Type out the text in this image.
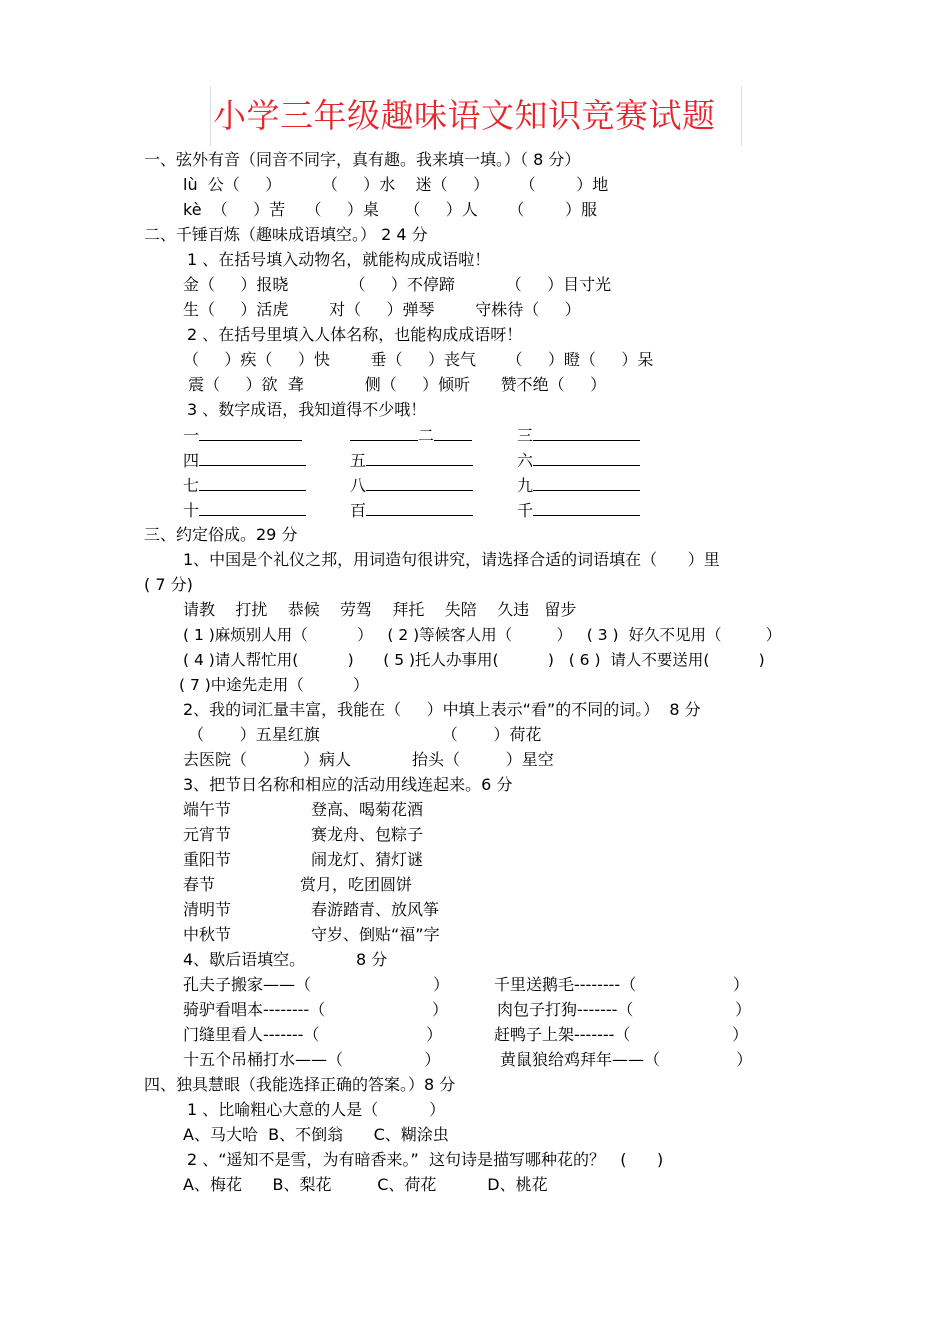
小学三年级趣味语文知识竞赛试题
一、弦外有音（同音不同字，真有趣。我来填一填。）（ 8 分）
lù  公（     ）        （     ）水    迷（     ）      （        ）地
kè  （     ）苦    （     ）桌     （     ）人      （        ）服
二、千锤百炼（趣味成语填空。） 2 4 分
1 、在括号填入动物名，就能构成成语啦！
金（     ）报晓            （     ）不停蹄          （     ）目寸光
生（     ）活虎        对（     ）弹琴        守株待（     ）
2 、在括号里填入人体名称，也能构成成语呀！
（     ）疾（     ）快        垂（     ）丧气      （     ）瞪（     ）呆
震（     ）欲  聋            侧（     ）倾听      赞不绝（     ）
3 、数字成语，我知道得不少哦！
一	二	三
四	五	六
七	八	九
十	百	千
三、约定俗成。29 分
1、中国是个礼仪之邦，用词造句很讲究，请选择合适的词语填在（      ）里
( 7 分)
请教    打扰    恭候    劳驾    拜托    失陪    久违   留步
( 1 )麻烦别人用（          ）   ( 2 )等候客人用（         ）   ( 3 )  好久不见用（         ）
( 4 )请人帮忙用(          )      ( 5 )托人办事用(          )   ( 6 )  请人不要送用(          )
( 7 )中途先走用（          ）
2、我的词汇量丰富，我能在（     ）中填上表示“看”的不同的词。）  8 分
（       ）五星红旗                        （       ）荷花
去医院（           ）病人            抬头（         ）星空
3、把节日名称和相应的活动用线连起来。6 分
端午节	登高、喝菊花酒
元宵节	赛龙舟、包粽子
重阳节	闹龙灯、猜灯谜
春节	赏月，吃团圆饼
清明节	春游踏青、放风筝
中秋节	守岁、倒贴“福”字
4、歇后语填空。          8 分
孔夫子搬家——（                        ）	千里送鹅毛--------（                   ）
骑驴看唱本--------（                     ）	肉包子打狗-------（                    ）
门缝里看人-------（                     ）	赶鸭子上架-------（                    ）
十五个吊桶打水——（                ）	黄鼠狼给鸡拜年——（               ）
四、独具慧眼（我能选择正确的答案。）8 分
1 、比喻粗心大意的人是（          ）
A、马大哈  B、不倒翁      C、糊涂虫
2 、“遥知不是雪，为有暗香来。”  这句诗是描写哪种花的？   (      )
A、梅花      B、梨花         C、荷花          D、桃花
